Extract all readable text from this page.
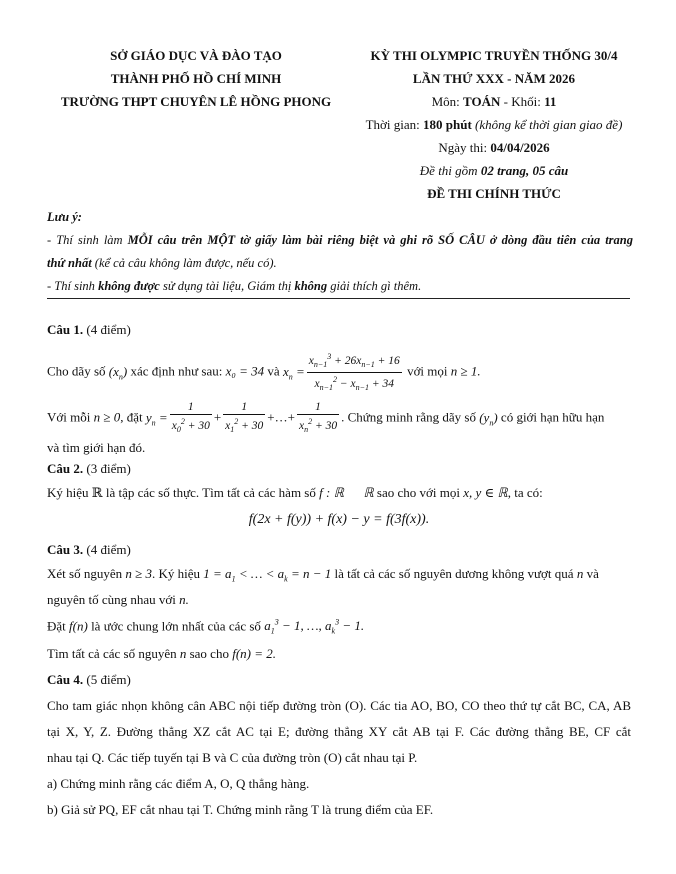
SỞ GIÁO DỤC VÀ ĐÀO TẠO
THÀNH PHỐ HỒ CHÍ MINH
TRƯỜNG THPT CHUYÊN LÊ HỒNG PHONG
KỲ THI OLYMPIC TRUYỀN THỐNG 30/4
LẦN THỨ XXX - NĂM 2026
Môn: TOÁN - Khối: 11
Thời gian: 180 phút (không kể thời gian giao đề)
Ngày thi: 04/04/2026
Đề thi gồm 02 trang, 05 câu
ĐỀ THI CHÍNH THỨC
Lưu ý:
- Thí sinh làm MỖI câu trên MỘT tờ giấy làm bài riêng biệt và ghi rõ SỐ CÂU ở dòng đầu tiên của trang
thứ nhất (kể cả câu không làm được, nếu có).
- Thí sinh không được sử dụng tài liệu, Giám thị không giải thích gì thêm.
Câu 1. (4 điểm)
Cho dãy số $(x_n)$ xác định như sau: x₀ = 34 và $x_n = \frac{x_{n-1}^3 + 26x_{n-1} + 16}{x_{n-1}^2 - x_{n-1} + 34}$ với mọi n ≥ 1.
Với mỗi n ≥ 0, đặt $y_n = \frac{1}{x_0^2 + 30} + \frac{1}{x_1^2 + 30}$ +…+ $\frac{1}{x_n^2 + 30}$ . Chứng minh rằng dãy số $(y_n)$ có giới hạn hữu hạn
và tìm giới hạn đó.
Câu 2. (3 điểm)
Ký hiệu ℝ là tập các số thực. Tìm tất cả các hàm số f : ℝ      ℝ sao cho với mọi x, y ∈ ℝ, ta có:
f(2x + f(y)) + f(x) − y = f(3f(x)).
Câu 3. (4 điểm)
Xét số nguyên n ≥ 3. Ký hiệu $1 = a_1$ < … < $a_k = n - 1$ là tất cả các số nguyên dương không vượt quá n và
nguyên tố cùng nhau với n.
Đặt f(n) là ước chung lớn nhất của các số $a_1^3 - 1$, …, $a_k^3 - 1$.
Tìm tất cả các số nguyên n sao cho f(n) = 2.
Câu 4. (5 điểm)
Cho tam giác nhọn không cân ABC nội tiếp đường tròn (O). Các tia AO, BO, CO theo thứ tự cắt BC, CA, AB
tại X, Y, Z. Đường thẳng XZ cắt AC tại E; đường thẳng XY cắt AB tại F. Các đường thẳng BE, CF cắt
nhau tại Q. Các tiếp tuyến tại B và C của đường tròn (O) cắt nhau tại P.
a) Chứng minh rằng các điểm A, O, Q thẳng hàng.
b) Giả sử PQ, EF cắt nhau tại T. Chứng minh rằng T là trung điểm của EF.
